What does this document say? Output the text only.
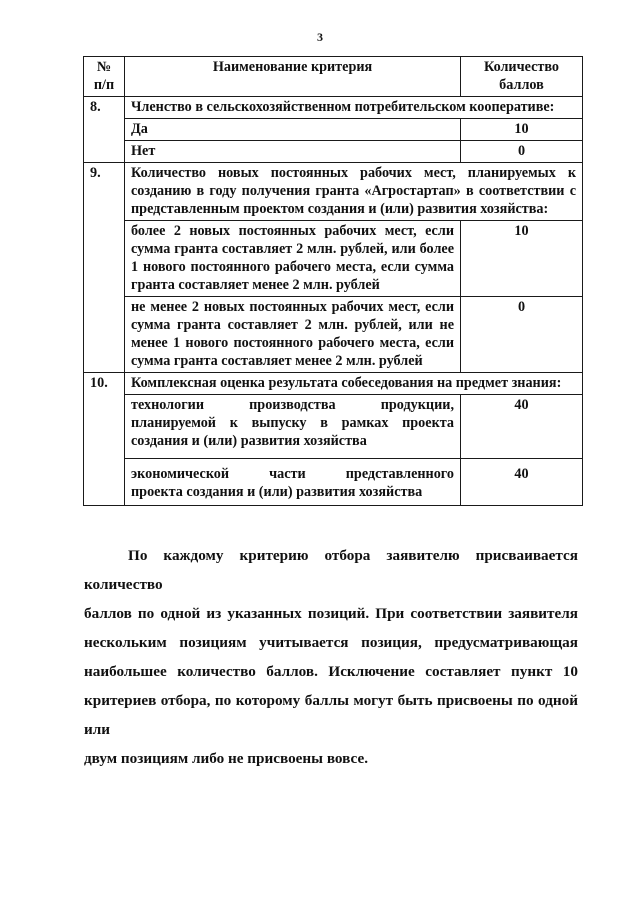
3
№
п/п	Наименование критерия	Количество
баллов

8.	Членство в сельскохозяйственном потребительском кооперативе:	
	Да	10
	Нет	0
9.	Количество новых постоянных рабочих мест, планируемых к
созданию в году получения гранта «Агростартап» в соответствии с
представленным проектом создания и (или) развития хозяйства:	

	более 2 новых постоянных рабочих мест, если
сумма гранта составляет 2 млн. рублей, или более
1 нового постоянного рабочего места, если сумма
гранта составляет менее 2 млн. рублей	10

	не менее 2 новых постоянных рабочих мест, если
сумма гранта составляет 2 млн. рублей, или не
менее 1 нового постоянного рабочего места, если
сумма гранта составляет менее 2 млн. рублей	0
10.	Комплексная оценка результата собеседования на предмет знания:	

	технологии производства продукции,
планируемой к выпуску в рамках проекта
создания и (или) развития хозяйства	40

	экономической части представленного
проекта создания и (или) развития хозяйства	40
По каждому критерию отбора заявителю присваивается количество
баллов по одной из указанных позиций. При соответствии заявителя
нескольким позициям учитывается позиция, предусматривающая
наибольшее количество баллов. Исключение составляет пункт 10
критериев отбора, по которому баллы могут быть присвоены по одной или
двум позициям либо не присвоены вовсе.
